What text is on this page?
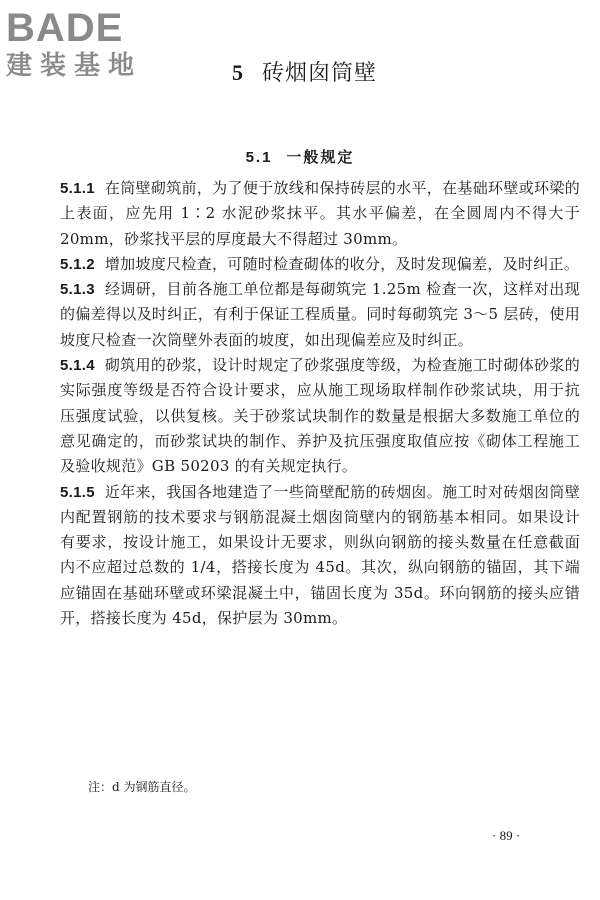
BADE
建装基地	5 砖烟囱筒壁
5.1 一般规定

5.1.1 在筒壁砌筑前，为了便于放线和保持砖层的水平，在基础环壁或环梁的上表面，应先用 1∶2 水泥砂浆抹平。其水平偏差，在全圆周内不得大于 20mm，砂浆找平层的厚度最大不得超过 30mm。

5.1.2 增加坡度尺检查，可随时检查砌体的收分，及时发现偏差，及时纠正。

5.1.3 经调研，目前各施工单位都是每砌筑完 1.25m 检查一次，这样对出现的偏差得以及时纠正，有利于保证工程质量。同时每砌筑完 3～5 层砖，使用坡度尺检查一次筒壁外表面的坡度，如出现偏差应及时纠正。

5.1.4 砌筑用的砂浆，设计时规定了砂浆强度等级，为检查施工时砌体砂浆的实际强度等级是否符合设计要求，应从施工现场取样制作砂浆试块，用于抗压强度试验，以供复核。关于砂浆试块制作的数量是根据大多数施工单位的意见确定的，而砂浆试块的制作、养护及抗压强度取值应按《砌体工程施工及验收规范》GB 50203 的有关规定执行。

5.1.5 近年来，我国各地建造了一些筒壁配筋的砖烟囱。施工时对砖烟囱筒壁内配置钢筋的技术要求与钢筋混凝土烟囱筒壁内的钢筋基本相同。如果设计有要求，按设计施工，如果设计无要求，则纵向钢筋的接头数量在任意截面内不应超过总数的 1/4，搭接长度为 45d。其次，纵向钢筋的锚固，其下端应锚固在基础环壁或环梁混凝土中，锚固长度为 35d。环向钢筋的接头应错开，搭接长度为 45d，保护层为 30mm。

注：d 为钢筋直径。
· 89 ·
